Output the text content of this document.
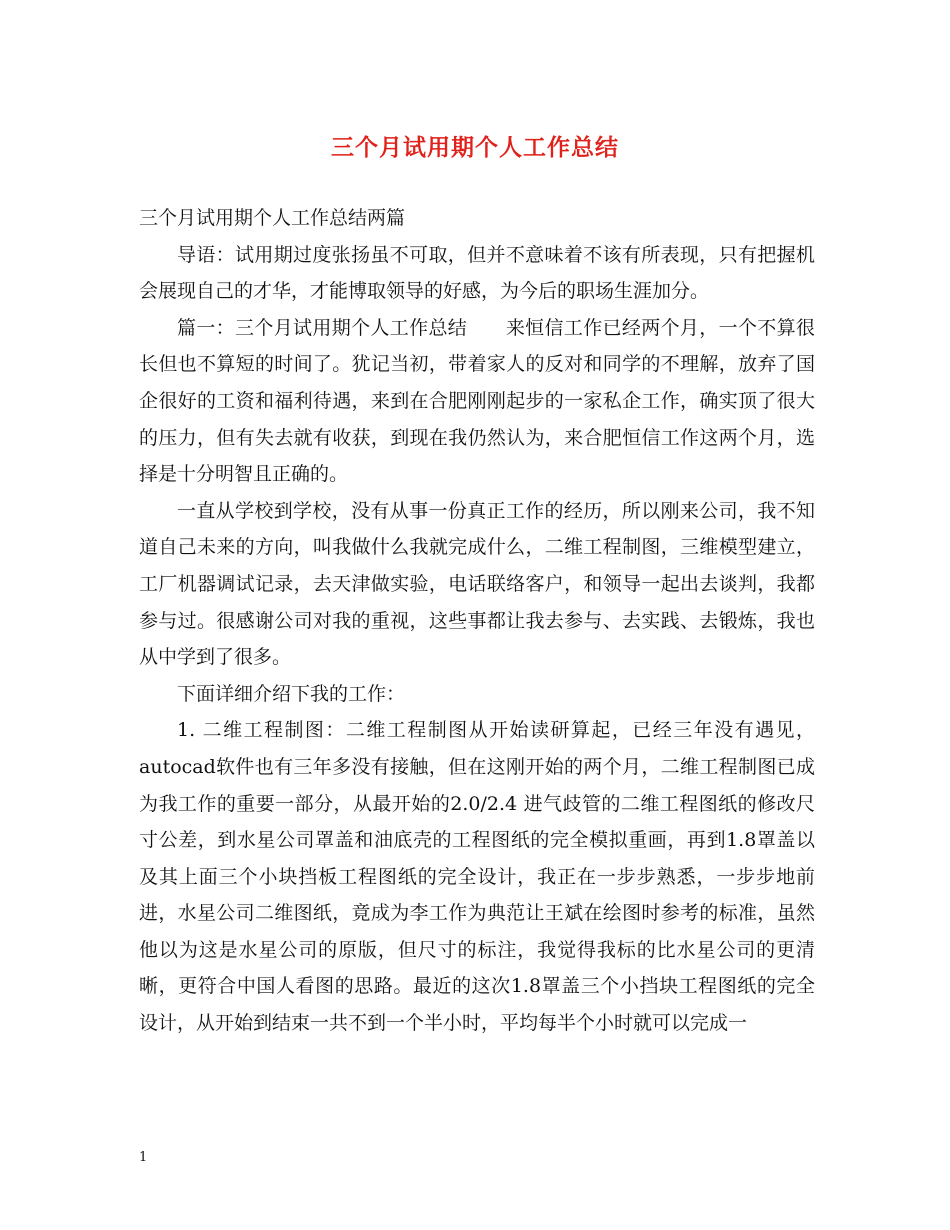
三个月试用期个人工作总结

三个月试用期个人工作总结两篇

导语：试用期过度张扬虽不可取，但并不意味着不该有所表现，只有把握机会展现自己的才华，才能博取领导的好感，为今后的职场生涯加分。

篇一：三个月试用期个人工作总结　　来恒信工作已经两个月，一个不算很长但也不算短的时间了。犹记当初，带着家人的反对和同学的不理解，放弃了国企很好的工资和福利待遇，来到在合肥刚刚起步的一家私企工作，确实顶了很大的压力，但有失去就有收获，到现在我仍然认为，来合肥恒信工作这两个月，选择是十分明智且正确的。

一直从学校到学校，没有从事一份真正工作的经历，所以刚来公司，我不知道自己未来的方向，叫我做什么我就完成什么，二维工程制图，三维模型建立，工厂机器调试记录，去天津做实验，电话联络客户，和领导一起出去谈判，我都参与过。很感谢公司对我的重视，这些事都让我去参与、去实践、去锻炼，我也从中学到了很多。

下面详细介绍下我的工作：

1. 二维工程制图：二维工程制图从开始读研算起，已经三年没有遇见，autocad软件也有三年多没有接触，但在这刚开始的两个月，二维工程制图已成为我工作的重要一部分，从最开始的2.0/2.4 进气歧管的二维工程图纸的修改尺寸公差，到水星公司罩盖和油底壳的工程图纸的完全模拟重画，再到1.8罩盖以及其上面三个小块挡板工程图纸的完全设计，我正在一步步熟悉，一步步地前进，水星公司二维图纸，竟成为李工作为典范让王斌在绘图时参考的标准，虽然他以为这是水星公司的原版，但尺寸的标注，我觉得我标的比水星公司的更清晰，更符合中国人看图的思路。最近的这次1.8罩盖三个小挡块工程图纸的完全设计，从开始到结束一共不到一个半小时，平均每半个小时就可以完成一

1
